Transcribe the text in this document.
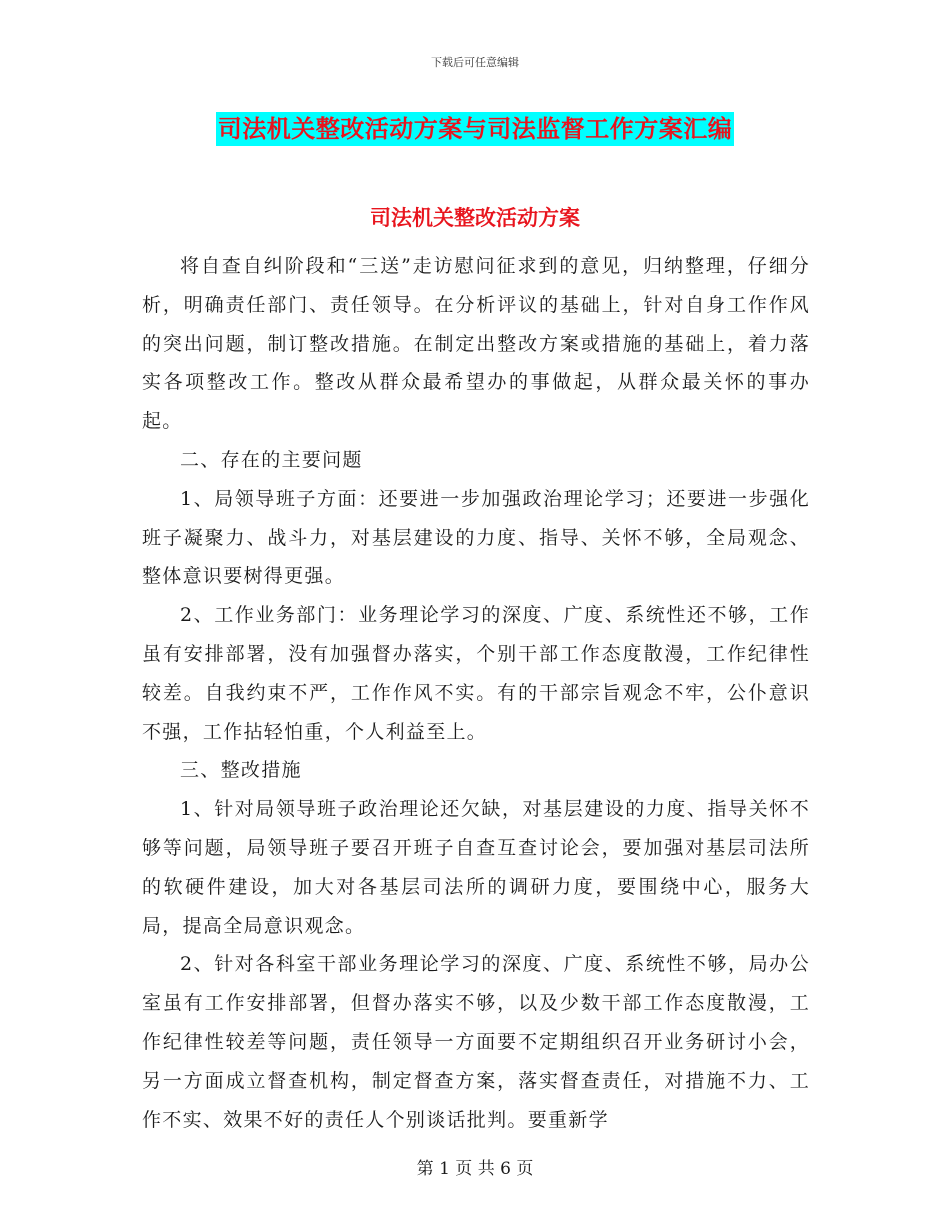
下载后可任意编辑
司法机关整改活动方案与司法监督工作方案汇编
司法机关整改活动方案

将自查自纠阶段和“三送”走访慰问征求到的意见，归纳整理，仔细分析，明确责任部门、责任领导。在分析评议的基础上，针对自身工作作风的突出问题，制订整改措施。在制定出整改方案或措施的基础上，着力落实各项整改工作。整改从群众最希望办的事做起，从群众最关怀的事办起。

二、存在的主要问题

1、局领导班子方面：还要进一步加强政治理论学习；还要进一步强化班子凝聚力、战斗力，对基层建设的力度、指导、关怀不够，全局观念、整体意识要树得更强。

2、工作业务部门：业务理论学习的深度、广度、系统性还不够，工作虽有安排部署，没有加强督办落实，个别干部工作态度散漫，工作纪律性较差。自我约束不严，工作作风不实。有的干部宗旨观念不牢，公仆意识不强，工作拈轻怕重，个人利益至上。

三、整改措施

1、针对局领导班子政治理论还欠缺，对基层建设的力度、指导关怀不够等问题，局领导班子要召开班子自查互查讨论会，要加强对基层司法所的软硬件建设，加大对各基层司法所的调研力度，要围绕中心，服务大局，提高全局意识观念。

2、针对各科室干部业务理论学习的深度、广度、系统性不够，局办公室虽有工作安排部署，但督办落实不够，以及少数干部工作态度散漫，工作纪律性较差等问题，责任领导一方面要不定期组织召开业务研讨小会，另一方面成立督查机构，制定督查方案，落实督查责任，对措施不力、工作不实、效果不好的责任人个别谈话批判。要重新学

第 1 页 共 6 页
